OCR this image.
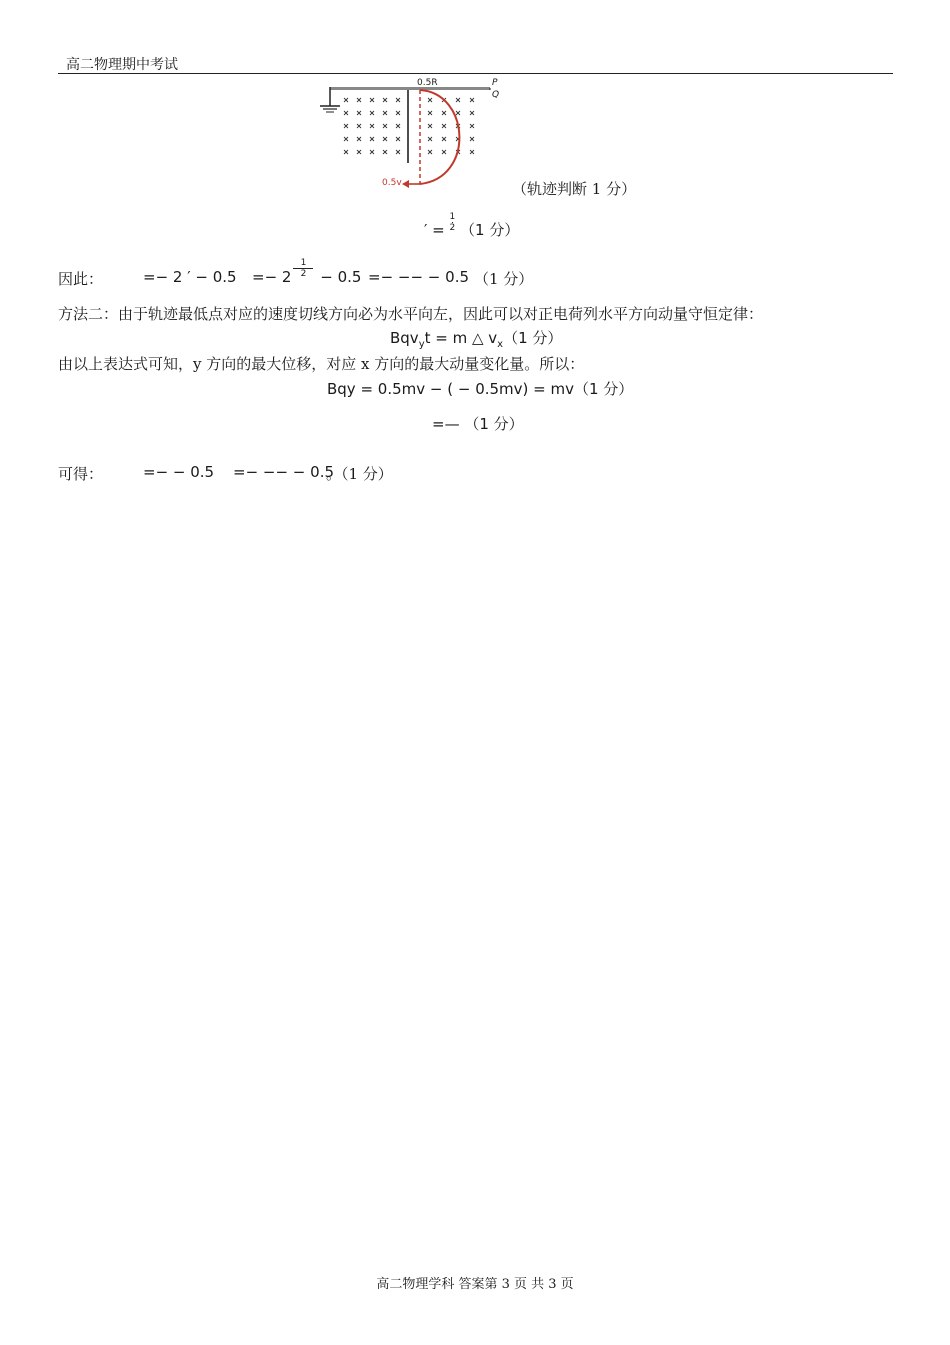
高二物理期中考试
0.5R	P
Q
0.5v	（轨迹判断 1 分）
′ = $\frac{1}{2} (1$ 分）
因此：	=− 2 ′ − $0.5 =- 2\frac{1}{2} - 0.5$ =− −− − 0.5 （1 分）
方法二：由于轨迹最低点对应的速度切线方向必为水平向左，因此可以对正电荷列水平方向动量守恒定律：
Bqv$_y$t = m △ $v_x(1$ 分）
由以上表达式可知，y 方向的最大位移，对应 x 方向的最大动量变化量。所以：
Bqy = 0.5mv − ( − 0.5mv) = mv（1 分）
=— （1 分）
可得：	=− − 0.5 =− −− − 0.5
。（1 分）
高二物理学科 答案第 3 页 共 3 页
